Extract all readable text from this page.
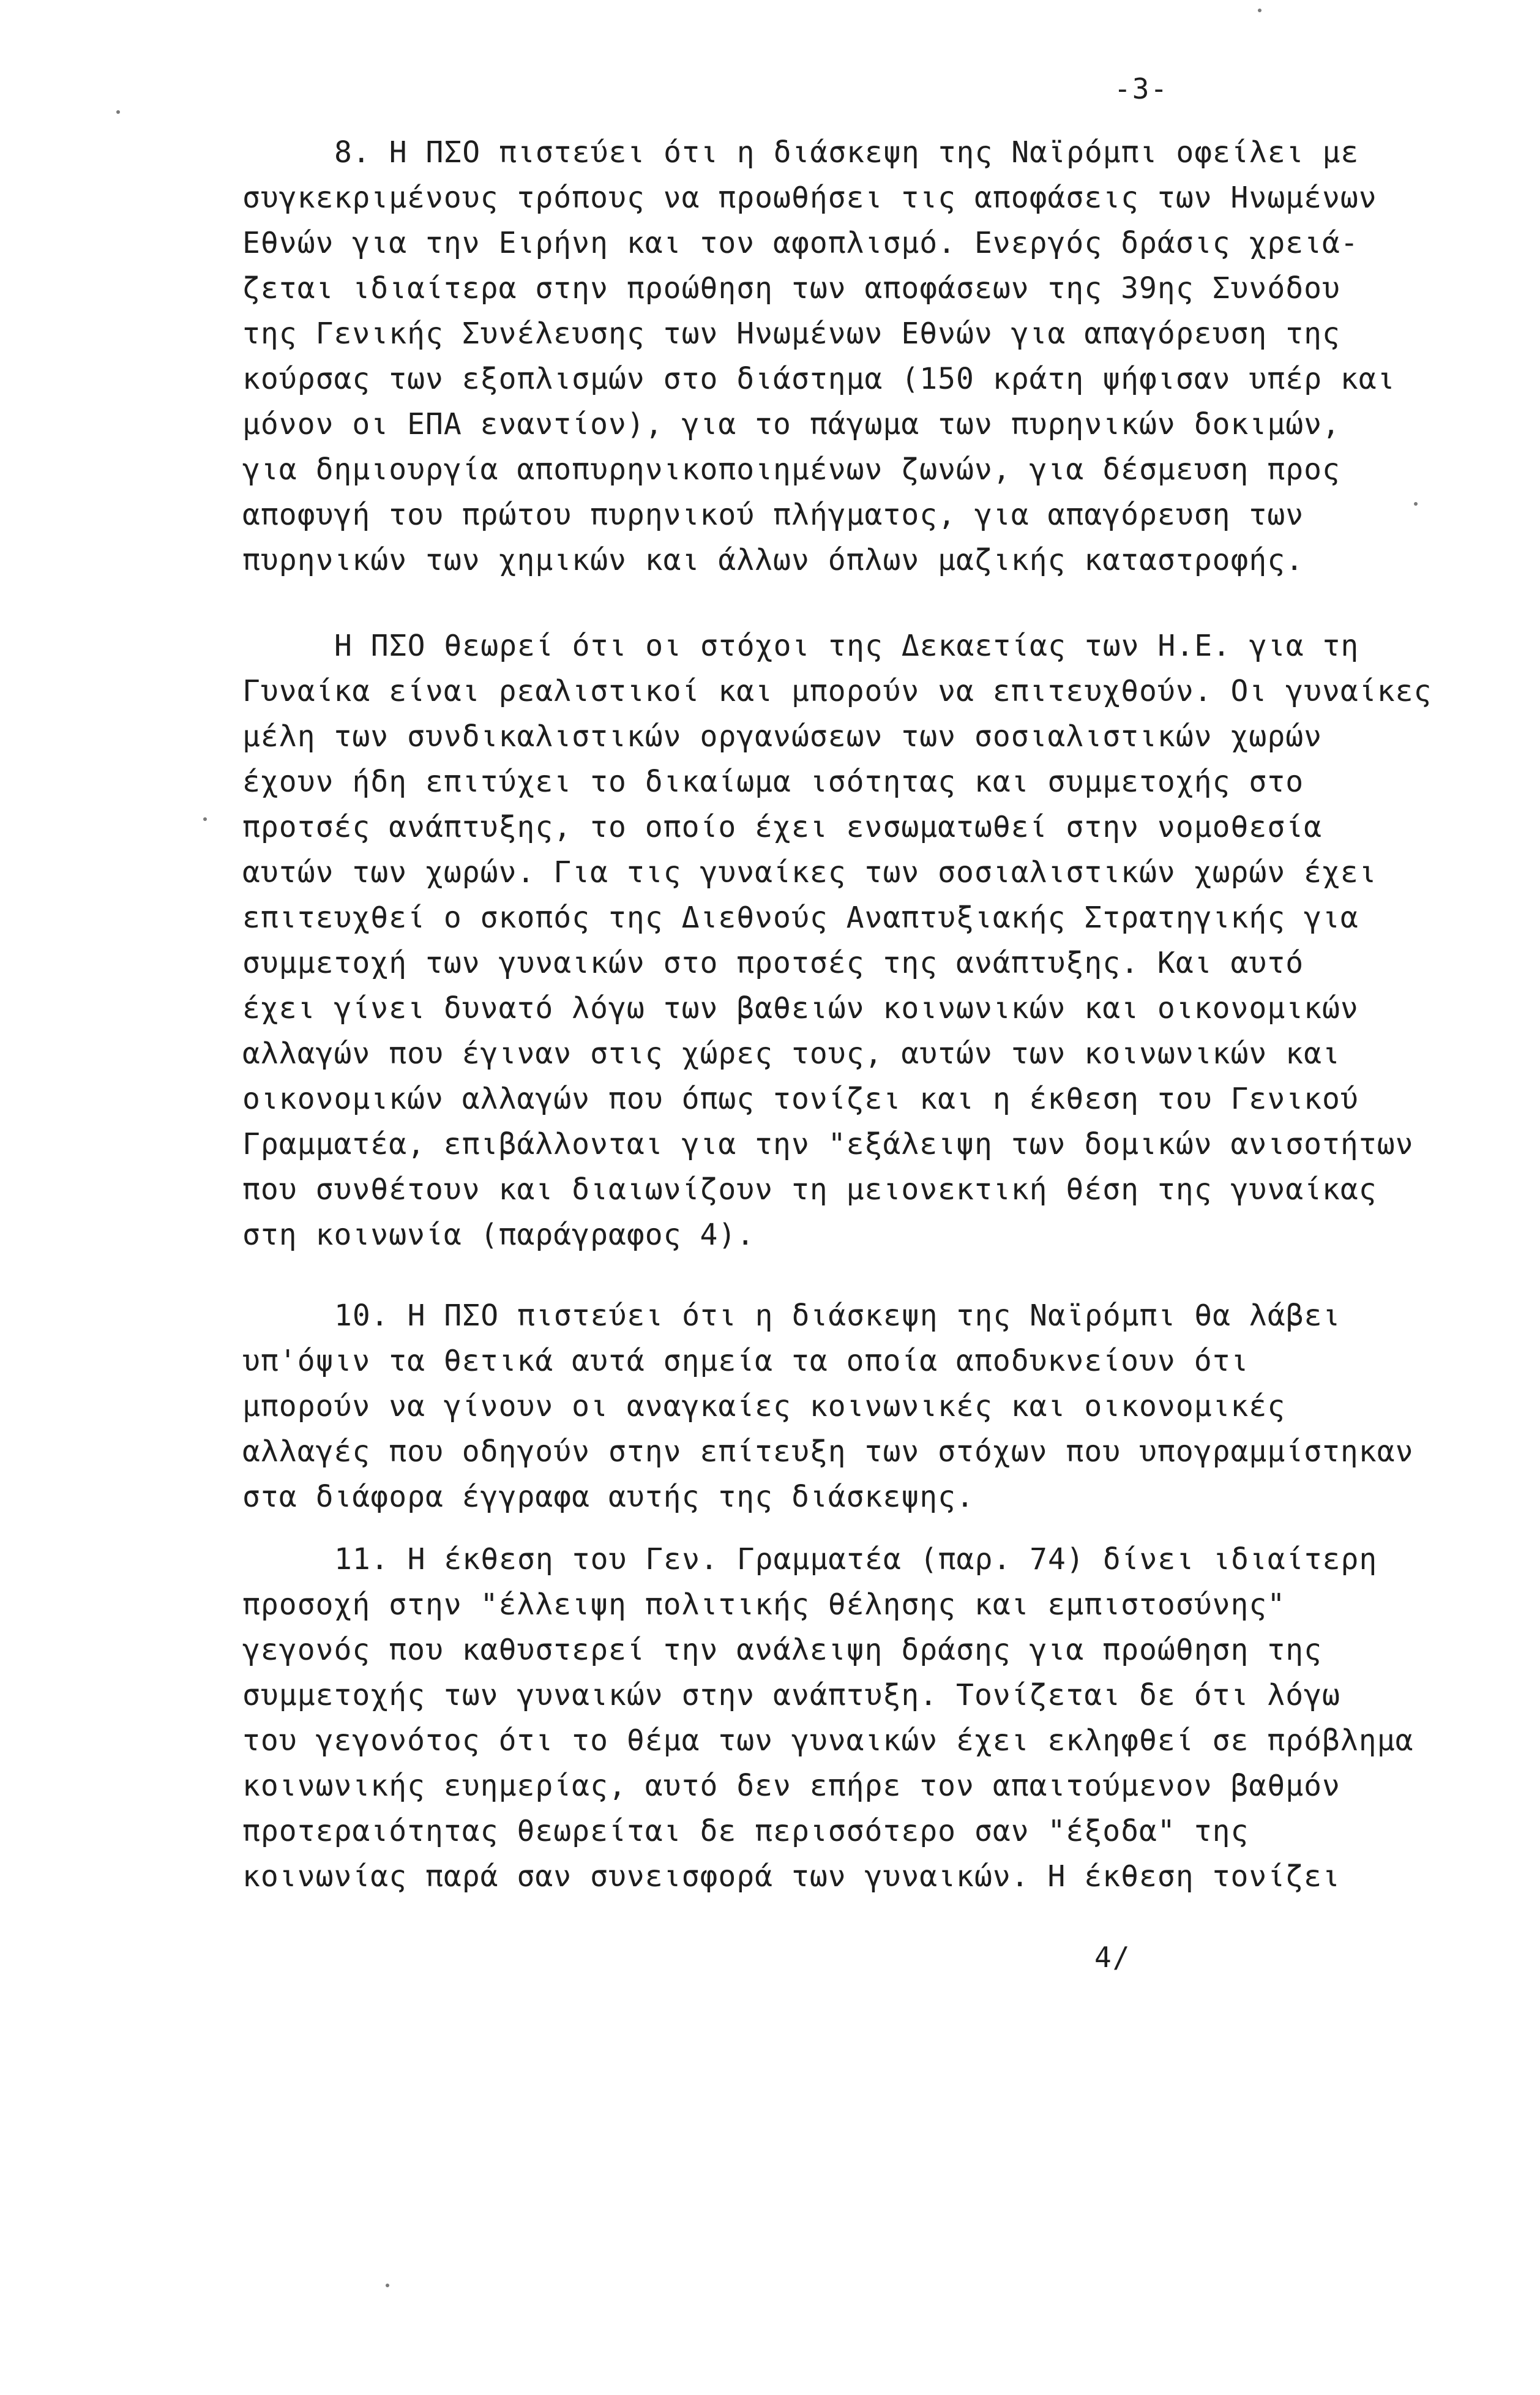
-3-
8. Η ΠΣΟ πιστεύει ότι η διάσκεψη της Ναϊρόμπι οφείλει με
συγκεκριμένους τρόπους να προωθήσει τις αποφάσεις των Ηνωμένων
Εθνών για την Ειρήνη και τον αφοπλισμό. Ενεργός δράσις χρειά-
ζεται ιδιαίτερα στην προώθηση των αποφάσεων της 39ης Συνόδου
της Γενικής Συνέλευσης των Ηνωμένων Εθνών για απαγόρευση της
κούρσας των εξοπλισμών στο διάστημα (150 κράτη ψήφισαν υπέρ και
μόνον οι ΕΠΑ εναντίον), για το πάγωμα των πυρηνικών δοκιμών,
για δημιουργία αποπυρηνικοποιημένων ζωνών, για δέσμευση προς
αποφυγή του πρώτου πυρηνικού πλήγματος, για απαγόρευση των
πυρηνικών των χημικών και άλλων όπλων μαζικής καταστροφής.
Η ΠΣΟ θεωρεί ότι οι στόχοι της Δεκαετίας των Η.Ε. για τη
Γυναίκα είναι ρεαλιστικοί και μπορούν να επιτευχθούν. Οι γυναίκες
μέλη των συνδικαλιστικών οργανώσεων των σοσιαλιστικών χωρών
έχουν ήδη επιτύχει το δικαίωμα ισότητας και συμμετοχής στο
προτσές ανάπτυξης, το οποίο έχει ενσωματωθεί στην νομοθεσία
αυτών των χωρών. Για τις γυναίκες των σοσιαλιστικών χωρών έχει
επιτευχθεί ο σκοπός της Διεθνούς Αναπτυξιακής Στρατηγικής για
συμμετοχή των γυναικών στο προτσές της ανάπτυξης. Και αυτό
έχει γίνει δυνατό λόγω των βαθειών κοινωνικών και οικονομικών
αλλαγών που έγιναν στις χώρες τους, αυτών των κοινωνικών και
οικονομικών αλλαγών που όπως τονίζει και η έκθεση του Γενικού
Γραμματέα, επιβάλλονται για την "εξάλειψη των δομικών ανισοτήτων
που συνθέτουν και διαιωνίζουν τη μειονεκτική θέση της γυναίκας
στη κοινωνία (παράγραφος 4).
10. Η ΠΣΟ πιστεύει ότι η διάσκεψη της Ναϊρόμπι θα λάβει
υπ'όψιν τα θετικά αυτά σημεία τα οποία αποδυκνείουν ότι
μπορούν να γίνουν οι αναγκαίες κοινωνικές και οικονομικές
αλλαγές που οδηγούν στην επίτευξη των στόχων που υπογραμμίστηκαν
στα διάφορα έγγραφα αυτής της διάσκεψης.
11. Η έκθεση του Γεν. Γραμματέα (παρ. 74) δίνει ιδιαίτερη
προσοχή στην "έλλειψη πολιτικής θέλησης και εμπιστοσύνης"
γεγονός που καθυστερεί την ανάλειψη δράσης για προώθηση της
συμμετοχής των γυναικών στην ανάπτυξη. Τονίζεται δε ότι λόγω
του γεγονότος ότι το θέμα των γυναικών έχει εκληφθεί σε πρόβλημα
κοινωνικής ευημερίας, αυτό δεν επήρε τον απαιτούμενον βαθμόν
προτεραιότητας θεωρείται δε περισσότερο σαν "έξοδα" της
κοινωνίας παρά σαν συνεισφορά των γυναικών. Η έκθεση τονίζει
4/
